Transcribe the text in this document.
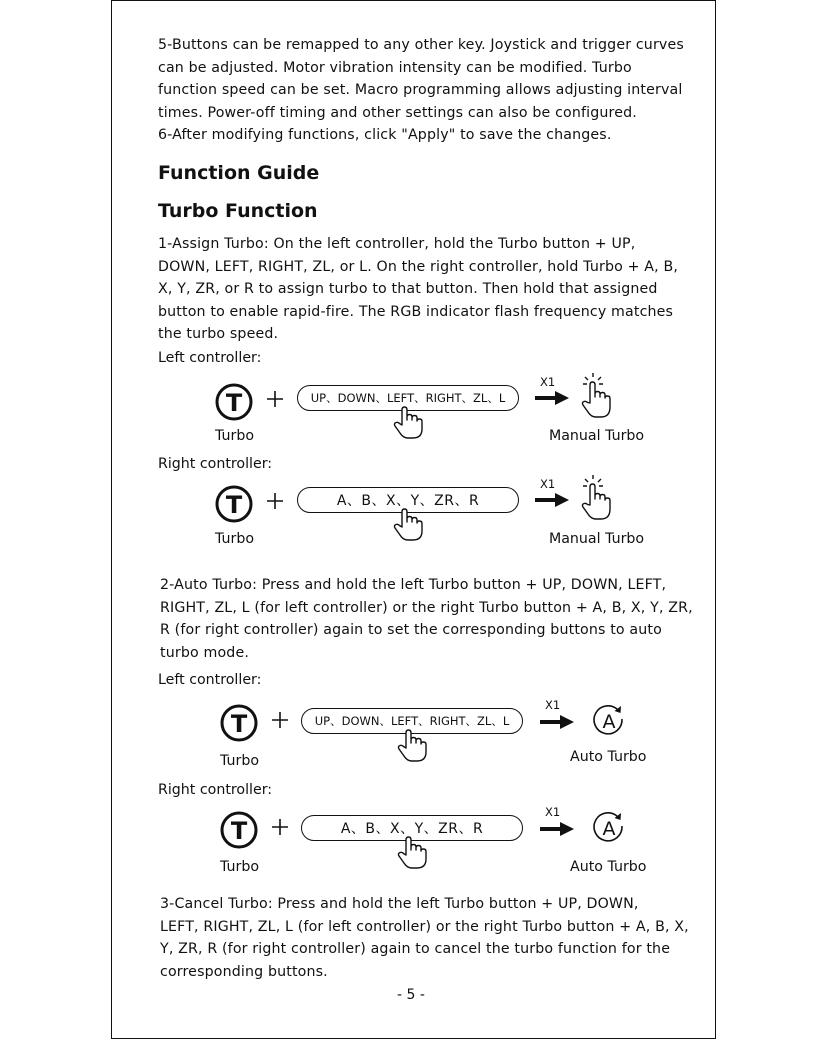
5-Buttons can be remapped to any other key. Joystick and trigger curves
can be adjusted. Motor vibration intensity can be modified. Turbo
function speed can be set. Macro programming allows adjusting interval
times. Power-off timing and other settings can also be configured.
6-After modifying functions, click "Apply" to save the changes.
Function Guide
Turbo Function
1-Assign Turbo: On the left controller, hold the Turbo button + UP,
DOWN, LEFT, RIGHT, ZL, or L. On the right controller, hold Turbo + A, B,
X, Y, ZR, or R to assign turbo to that button. Then hold that assigned
button to enable rapid-fire. The RGB indicator flash frequency matches
the turbo speed.
Left controller:
T	UP、DOWN、LEFT、RIGHT、ZL、L
X1
Turbo	Manual Turbo
Right controller:
T	A、B、X、Y、ZR、R
X1
Turbo	Manual Turbo
2-Auto Turbo: Press and hold the left Turbo button + UP, DOWN, LEFT,
RIGHT, ZL, L (for left controller) or the right Turbo button + A, B, X, Y, ZR,
R (for right controller) again to set the corresponding buttons to auto
turbo mode.
Left controller:
T	UP、DOWN、LEFT、RIGHT、ZL、L
X1
A
Turbo	Auto Turbo
Right controller:
T	A、B、X、Y、ZR、R
X1
A
Turbo	Auto Turbo
3-Cancel Turbo: Press and hold the left Turbo button + UP, DOWN,
LEFT, RIGHT, ZL, L (for left controller) or the right Turbo button + A, B, X,
Y, ZR, R (for right controller) again to cancel the turbo function for the
corresponding buttons.
- 5 -
